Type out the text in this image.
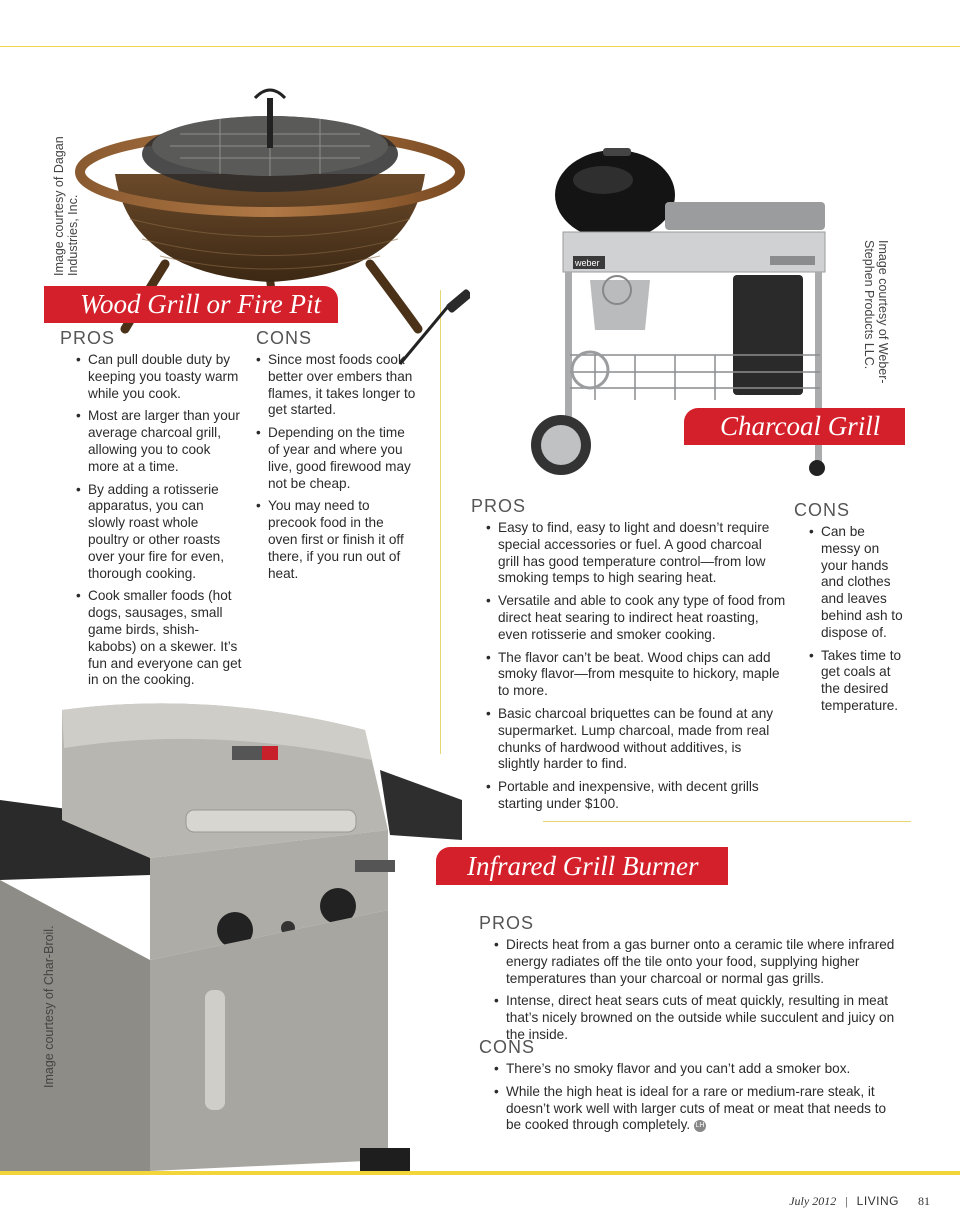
Image courtesy of Dagan Industries, Inc.
Wood Grill or Fire Pit
PROS
• Can pull double duty by keeping you toasty warm while you cook.
• Most are larger than your average charcoal grill, allowing you to cook more at a time.
• By adding a rotisserie apparatus, you can slowly roast whole poultry or other roasts over your fire for even, thorough cooking.
• Cook smaller foods (hot dogs, sausages, small game birds, shish-kabobs) on a skewer. It’s fun and everyone can get in on the cooking.
CONS
• Since most foods cook better over embers than flames, it takes longer to get started.
• Depending on the time of year and where you live, good firewood may not be cheap.
• You may need to precook food in the oven first or finish it off there, if you run out of heat.
weber	Image courtesy of Weber-
Stephen Products LLC.
Charcoal Grill
PROS
• Easy to find, easy to light and doesn’t require special accessories or fuel. A good charcoal grill has good temperature control—from low smoking temps to high searing heat.
• Versatile and able to cook any type of food from direct heat searing to indirect heat roasting, even rotisserie and smoker cooking.
• The flavor can’t be beat. Wood chips can add smoky flavor—from mesquite to hickory, maple to more.
• Basic charcoal briquettes can be found at any supermarket. Lump charcoal, made from real chunks of hardwood without additives, is slightly harder to find.
• Portable and inexpensive, with decent grills starting under $100.
CONS
• Can be messy on your hands and clothes and leaves behind ash to dispose of.
• Takes time to get coals at the desired temperature.
Image courtesy of Char-Broil.
Infrared Grill Burner
PROS
• Directs heat from a gas burner onto a ceramic tile where infrared energy radiates off the tile onto your food, supplying higher temperatures than your charcoal or normal gas grills.
• Intense, direct heat sears cuts of meat quickly, resulting in meat that’s nicely browned on the outside while succulent and juicy on the inside.
CONS
• There’s no smoky flavor and you can’t add a smoker box.
• While the high heat is ideal for a rare or medium-rare steak, it doesn’t work well with larger cuts of meat or meat that needs to be cooked through completely. LH
July 2012 | LIVING 81
